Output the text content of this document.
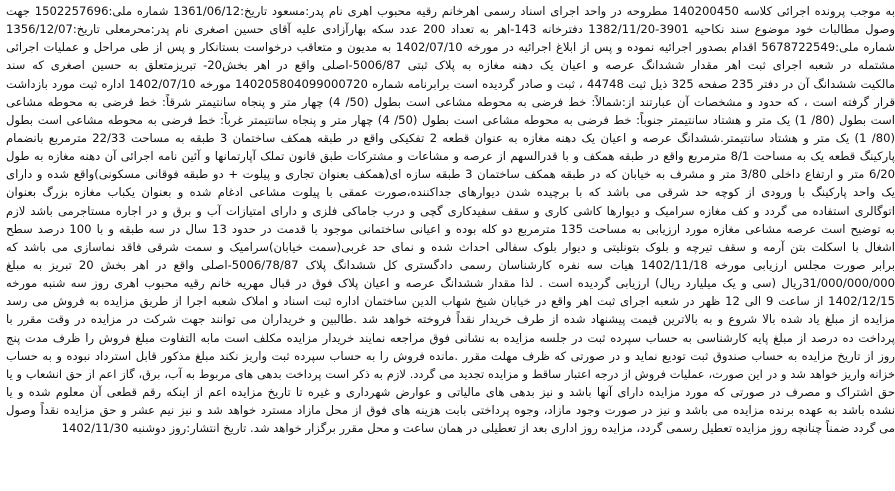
به موجب پرونده اجرائی کلاسه 140200450 مطروحه در واحد اجرای اسناد رسمی اهرخانم رقیه محبوب اهری نام پدر:مسعود تاریخ:1361/06/12 شماره ملی:1502257696 جهت
وصول مطالبات خود موضوع سند نکاحیه 3901-1382/11/20 دفترخانه 143-اهر به تعداد 200 عدد سکه بهارآزادی علیه آقای حسین اصغری نام پدر:محرمعلی تاریخ:1356/12/07
شماره ملی:5678722549 اقدام بصدور اجرائیه نموده و پس از ابلاغ اجرائیه در مورخه 1402/07/10 به مدیون و متعاقب درخواست بستانکار و پس از طی مراحل و عملیات اجرائی
مشتمله در شعبه اجرای ثبت اهر مقدار ششدانگ عرصه و اعیان یک دهنه مغازه به پلاک ثبتی 5006/87-اصلی واقع در اهر بخش20- تبریزمتعلق به حسین اصغری که سند
مالکیت ششدانگ آن در دفتر 235 صفحه 325 ذیل ثبت 44748 ، ثبت و صادر گردیده است برابرنامه شماره 140205804099000720 مورخه 1402/07/10 اداره ثبت مورد بازداشت
قرار گرفته است ، که حدود و مشخصات آن عبارتند از:شمالاً: خط فرضی به محوطه مشاعی است بطول (50/ 4) چهار متر و پنجاه سانتیمتر شرقاً: خط فرضی به محوطه مشاعی
است بطول (80/ 1) یک متر و هشتاد سانتیمتر جنوباً: خط فرضی به محوطه مشاعی است بطول (50/ 4) چهار متر و پنجاه سانتیمتر غرباً: خط فرضی به محوطه مشاعی است بطول
(80/ 1) یک متر و هشتاد سانتیمتر.ششدانگ عرصه و اعیان یک دهنه مغازه به عنوان قطعه 2 تفکیکی واقع در طبقه همکف ساختمان 3 طبقه به مساحت 22/33 مترمربع بانضمام
پارکینگ قطعه یک به مساحت 8/1 مترمربع واقع در طبقه همکف و با قدرالسهم از عرصه و مشاعات و مشترکات طبق قانون تملک آپارتمانها و آئین نامه اجرائی آن دهنه مغازه به طول
6/20 متر و ارتفاع داخلی 3/80 متر و مشرف به خیابان که در طبقه همکف ساختمان 3 طبقه سازه ای(همکف بعنوان تجاری و پیلوت + دو طبقه فوقانی مسکونی)واقع شده و دارای
یک واحد پارکینگ با ورودی از کوچه حد شرقی می باشد که با برچیده شدن دیوارهای جداکننده،صورت عمقی با پیلوت مشاعی ادغام شده و بعنوان یکباب مغازه بزرگ بعنوان
اتوگالری استفاده می گردد و کف مغازه سرامیک و دیوارها کاشی کاری و سقف سفیدکاری گچی و درب جاماکی فلزی و دارای امتیازات آب و برق و در اجاره مستاجرمی باشد لازم
به توضیح است عرصه مشاعی مغازه مورد ارزیابی به مساحت 135 مترمربع دو کله بوده و اعیانی ساختمانی موجود با قدمت در حدود 13 سال در سه طبقه و با 100 درصد سطح
اشغال با اسکلت بتن آرمه و سقف تیرچه و بلوک بتونلیتی و دیوار بلوک سفالی احداث شده و نمای حد غربی(سمت خیابان)سرامیک و سمت شرقی فاقد نماسازی می باشد که
برابر صورت مجلس ارزیابی مورخه 1402/11/18 هیات سه نفره کارشناسان رسمی دادگستری کل ششدانگ پلاک 5006/78/87-اصلی واقع در اهر بخش 20 تبریز به مبلغ
31/000/000/000ریال (سی و یک میلیارد ریال) ارزیابی گردیده است . لذا مقدار ششدانگ عرصه و اعیان پلاک فوق در قبال مهریه خانم رقیه محبوب اهری روز سه شنبه مورخه
1402/12/15 از ساعت 9 الی 12 ظهر در شعبه اجرای ثبت اهر واقع در خیابان شیخ شهاب الدین ساختمان اداره ثبت اسناد و املاک شعبه اجرا از طریق مزایده به فروش می رسد
مزایده از مبلغ یاد شده بالا شروع و به بالاترین قیمت پیشنهاد شده از طرف خریدار نقداً فروخته خواهد شد .طالبین و خریداران می توانند جهت شرکت در مزایده در وقت مقرر با
پرداخت ده درصد از مبلغ پایه کارشناسی به حساب سپرده ثبت در جلسه مزایده به نشانی فوق مراجعه نمایند خریدار مزایده مکلف است مابه التفاوت مبلغ فروش را ظرف مدت پنج
روز از تاریخ مزایده به حساب صندوق ثبت تودیع نماید و در صورتی که ظرف مهلت مقرر .مانده فروش را به حساب سپرده ثبت واریز نکند مبلغ مذکور قابل استرداد نبوده و به حساب
خزانه واریز خواهد شد و در این صورت، عملیات فروش از درجه اعتبار ساقط و مزایده تجدید می گردد. لازم به ذکر است پرداخت بدهی های مربوط به آب، برق، گاز اعم از حق انشعاب و یا
حق اشتراک و مصرف در صورتی که مورد مزایده دارای آنها باشد و نیز بدهی های مالیاتی و عوارض شهرداری و غیره تا تاریخ مزایده اعم از اینکه رقم قطعی آن معلوم شده و یا
نشده باشد به عهده برنده مزایده می باشد و نیز در صورت وجود مازاد، وجوه پرداختی بابت هزینه های فوق از محل مازاد مسترد خواهد شد و نیز نیم عشر و حق مزایده نقداً وصول
می گردد ضمناً چنانچه روز مزایده تعطیل رسمی گردد، مزایده روز اداری بعد از تعطیلی در همان ساعت و محل مقرر برگزار خواهد شد. تاریخ انتشار:روز دوشنبه 1402/11/30
